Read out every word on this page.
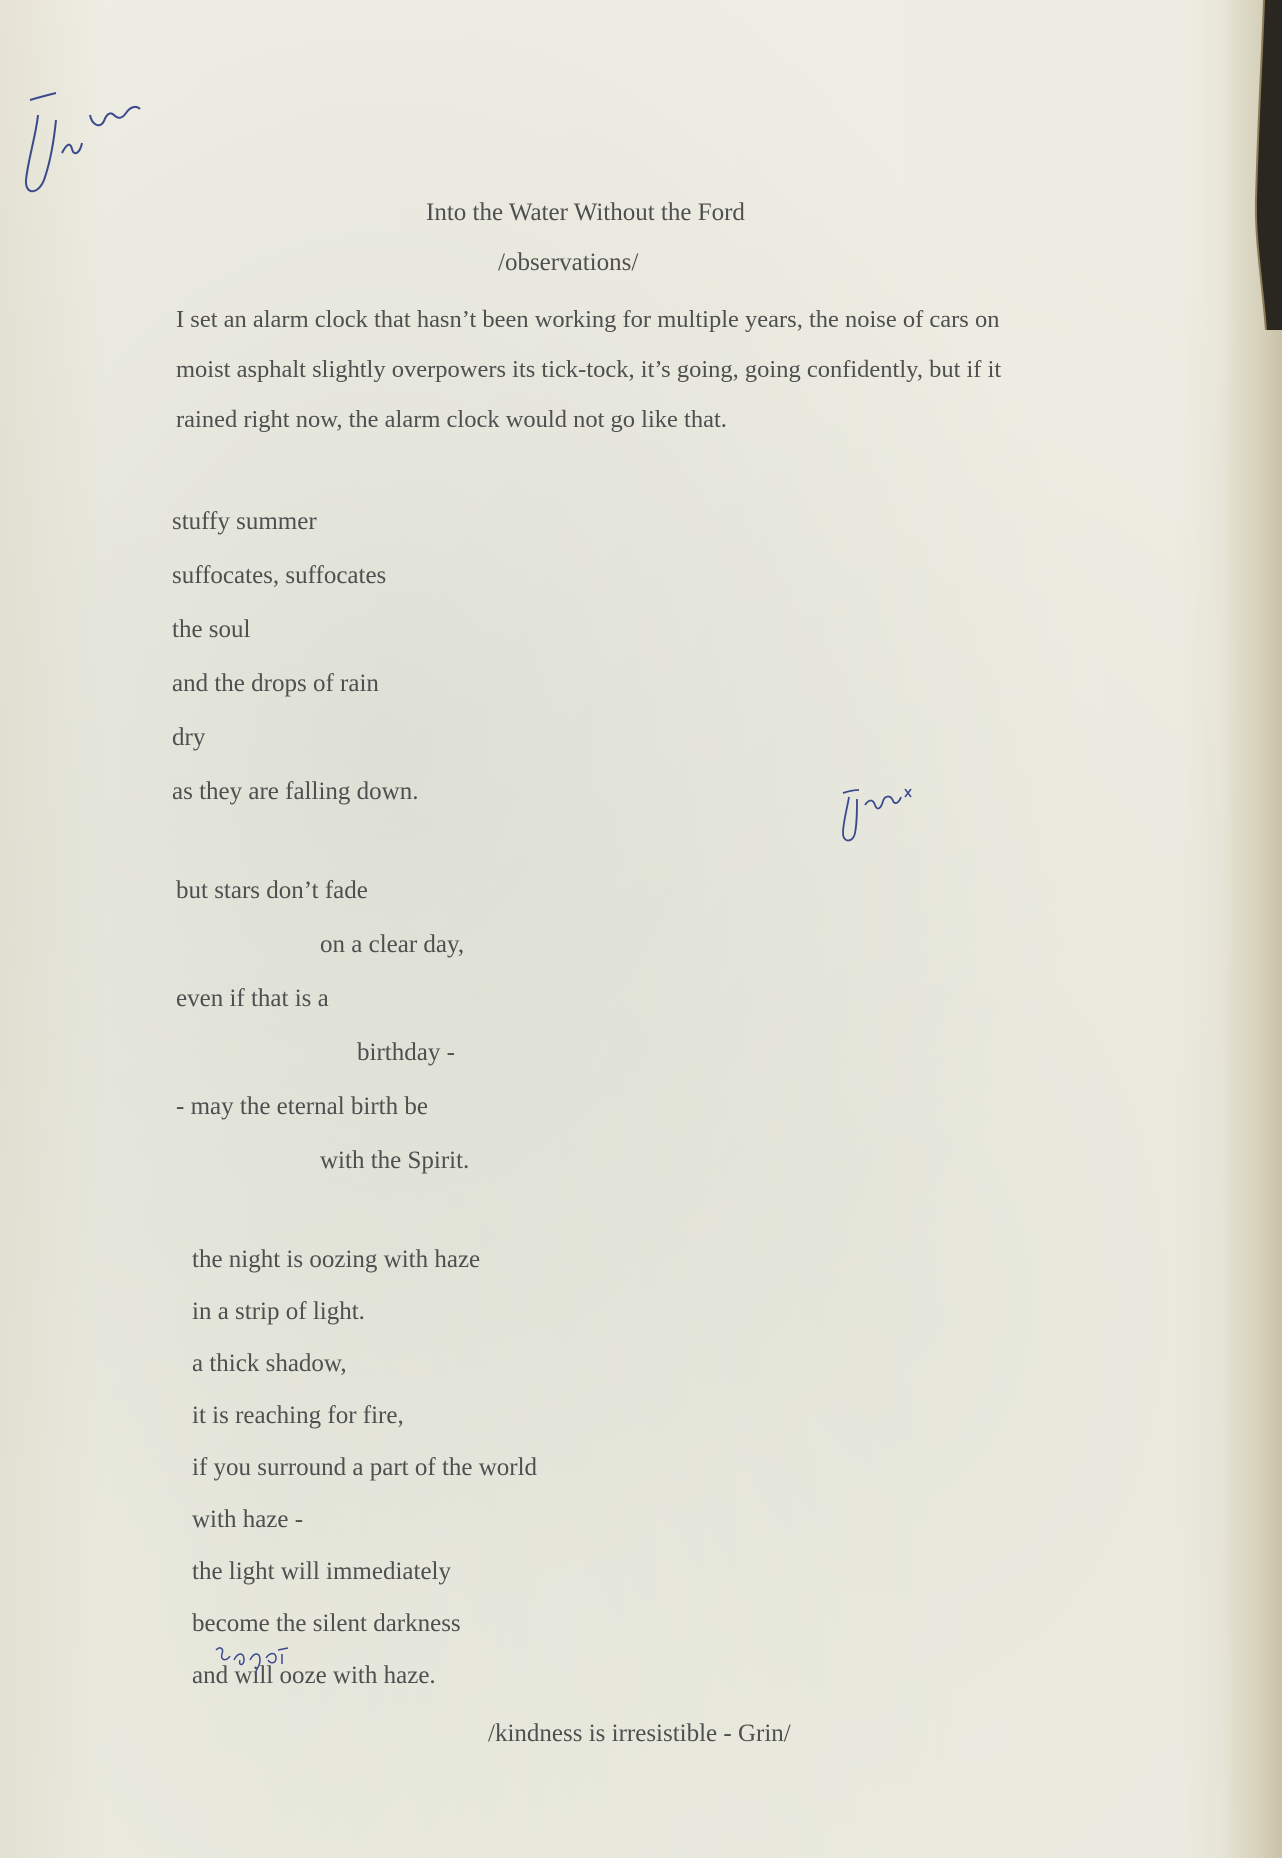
Into the Water Without the Ford

/observations/

I set an alarm clock that hasn’t been working for multiple years, the noise of cars on

moist asphalt slightly overpowers its tick-tock, it’s going, going confidently, but if it

rained right now, the alarm clock would not go like that.

stuffy summer

suffocates, suffocates

the soul

and the drops of rain

dry

as they are falling down.

but stars don’t fade

on a clear day,

even if that is a

birthday -

- may the eternal birth be

with the Spirit.

the night is oozing with haze

in a strip of light.

a thick shadow,

it is reaching for fire,

if you surround a part of the world

with haze -

the light will immediately

become the silent darkness

and will ooze with haze.

/kindness is irresistible - Grin/
